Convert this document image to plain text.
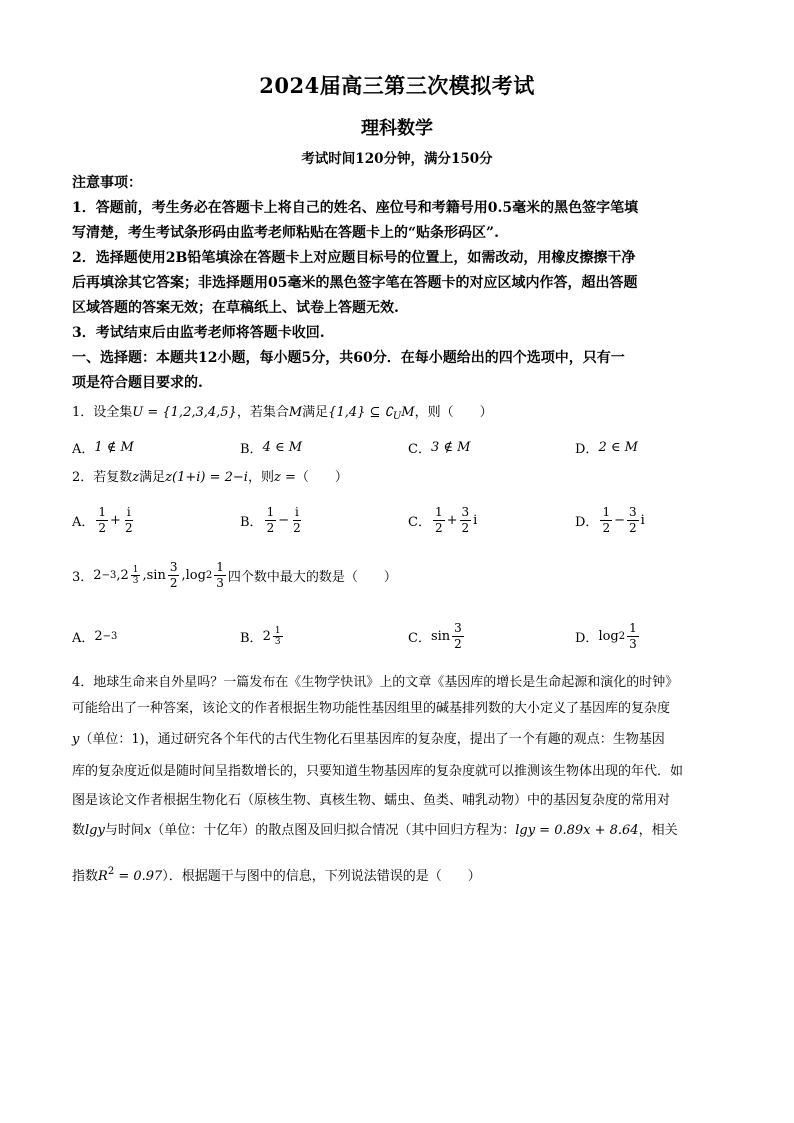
2024届高三第三次模拟考试
理科数学
考试时间120分钟，满分150分
注意事项：
1．答题前，考生务必在答题卡上将自己的姓名、座位号和考籍号用0.5毫米的黑色签字笔填
写清楚，考生考试条形码由监考老师粘贴在答题卡上的“贴条形码区”.
2．选择题使用2B铅笔填涂在答题卡上对应题目标号的位置上，如需改动，用橡皮擦擦干净
后再填涂其它答案；非选择题用05毫米的黑色签字笔在答题卡的对应区域内作答，超出答题
区域答题的答案无效；在草稿纸上、试卷上答题无效.
3．考试结束后由监考老师将答题卡收回.
一、选择题：本题共12小题，每小题5分，共60分．在每小题给出的四个选项中，只有一
项是符合题目要求的.
1．设全集U = {1,2,3,4,5}，若集合M满足{1,4} ⊆ $∁_UM$，则（　　）
A． 1 ∉ M	B． 4 ∈ M	C． 3 ∉ M	D． 2 ∈ M
2．若复数z满足z(1+i) = 2−i，则z =（　　）
A． $\frac{1}{2} + \frac{i}{2}$	B． $\frac{1}{2} - \frac{i}{2}$	C． $\frac{1}{2} + \frac{3}{2}$ i	D． $\frac{1}{2} - \frac{3}{2}$ i
3． 2 −3 , $2 \frac{1}{3}$ , $\sin \frac{3}{2}$ , $\log 2 \frac{1}{3}$ 四个数中最大的数是（　　）
A． 2 −3	B． $2 \frac{1}{3}$	C． $\sin \frac{3}{2}$	D． $\log 2 \frac{1}{3}$
4．地球生命来自外星吗？一篇发布在《生物学快讯》上的文章《基因库的增长是生命起源和演化的时钟》
可能给出了一种答案，该论文的作者根据生物功能性基因组里的碱基排列数的大小定义了基因库的复杂度
y（单位：1)，通过研究各个年代的古代生物化石里基因库的复杂度，提出了一个有趣的观点：生物基因
库的复杂度近似是随时间呈指数增长的，只要知道生物基因库的复杂度就可以推测该生物体出现的年代．如
图是该论文作者根据生物化石（原核生物、真核生物、蠕虫、鱼类、哺乳动物）中的基因复杂度的常用对
数lgy与时间x（单位：十亿年）的散点图及回归拟合情况（其中回归方程为：lgy = 0.89x + 8.64，相关
指数$R^2 = 0.97$）．根据题干与图中的信息，下列说法错误的是（　　）
